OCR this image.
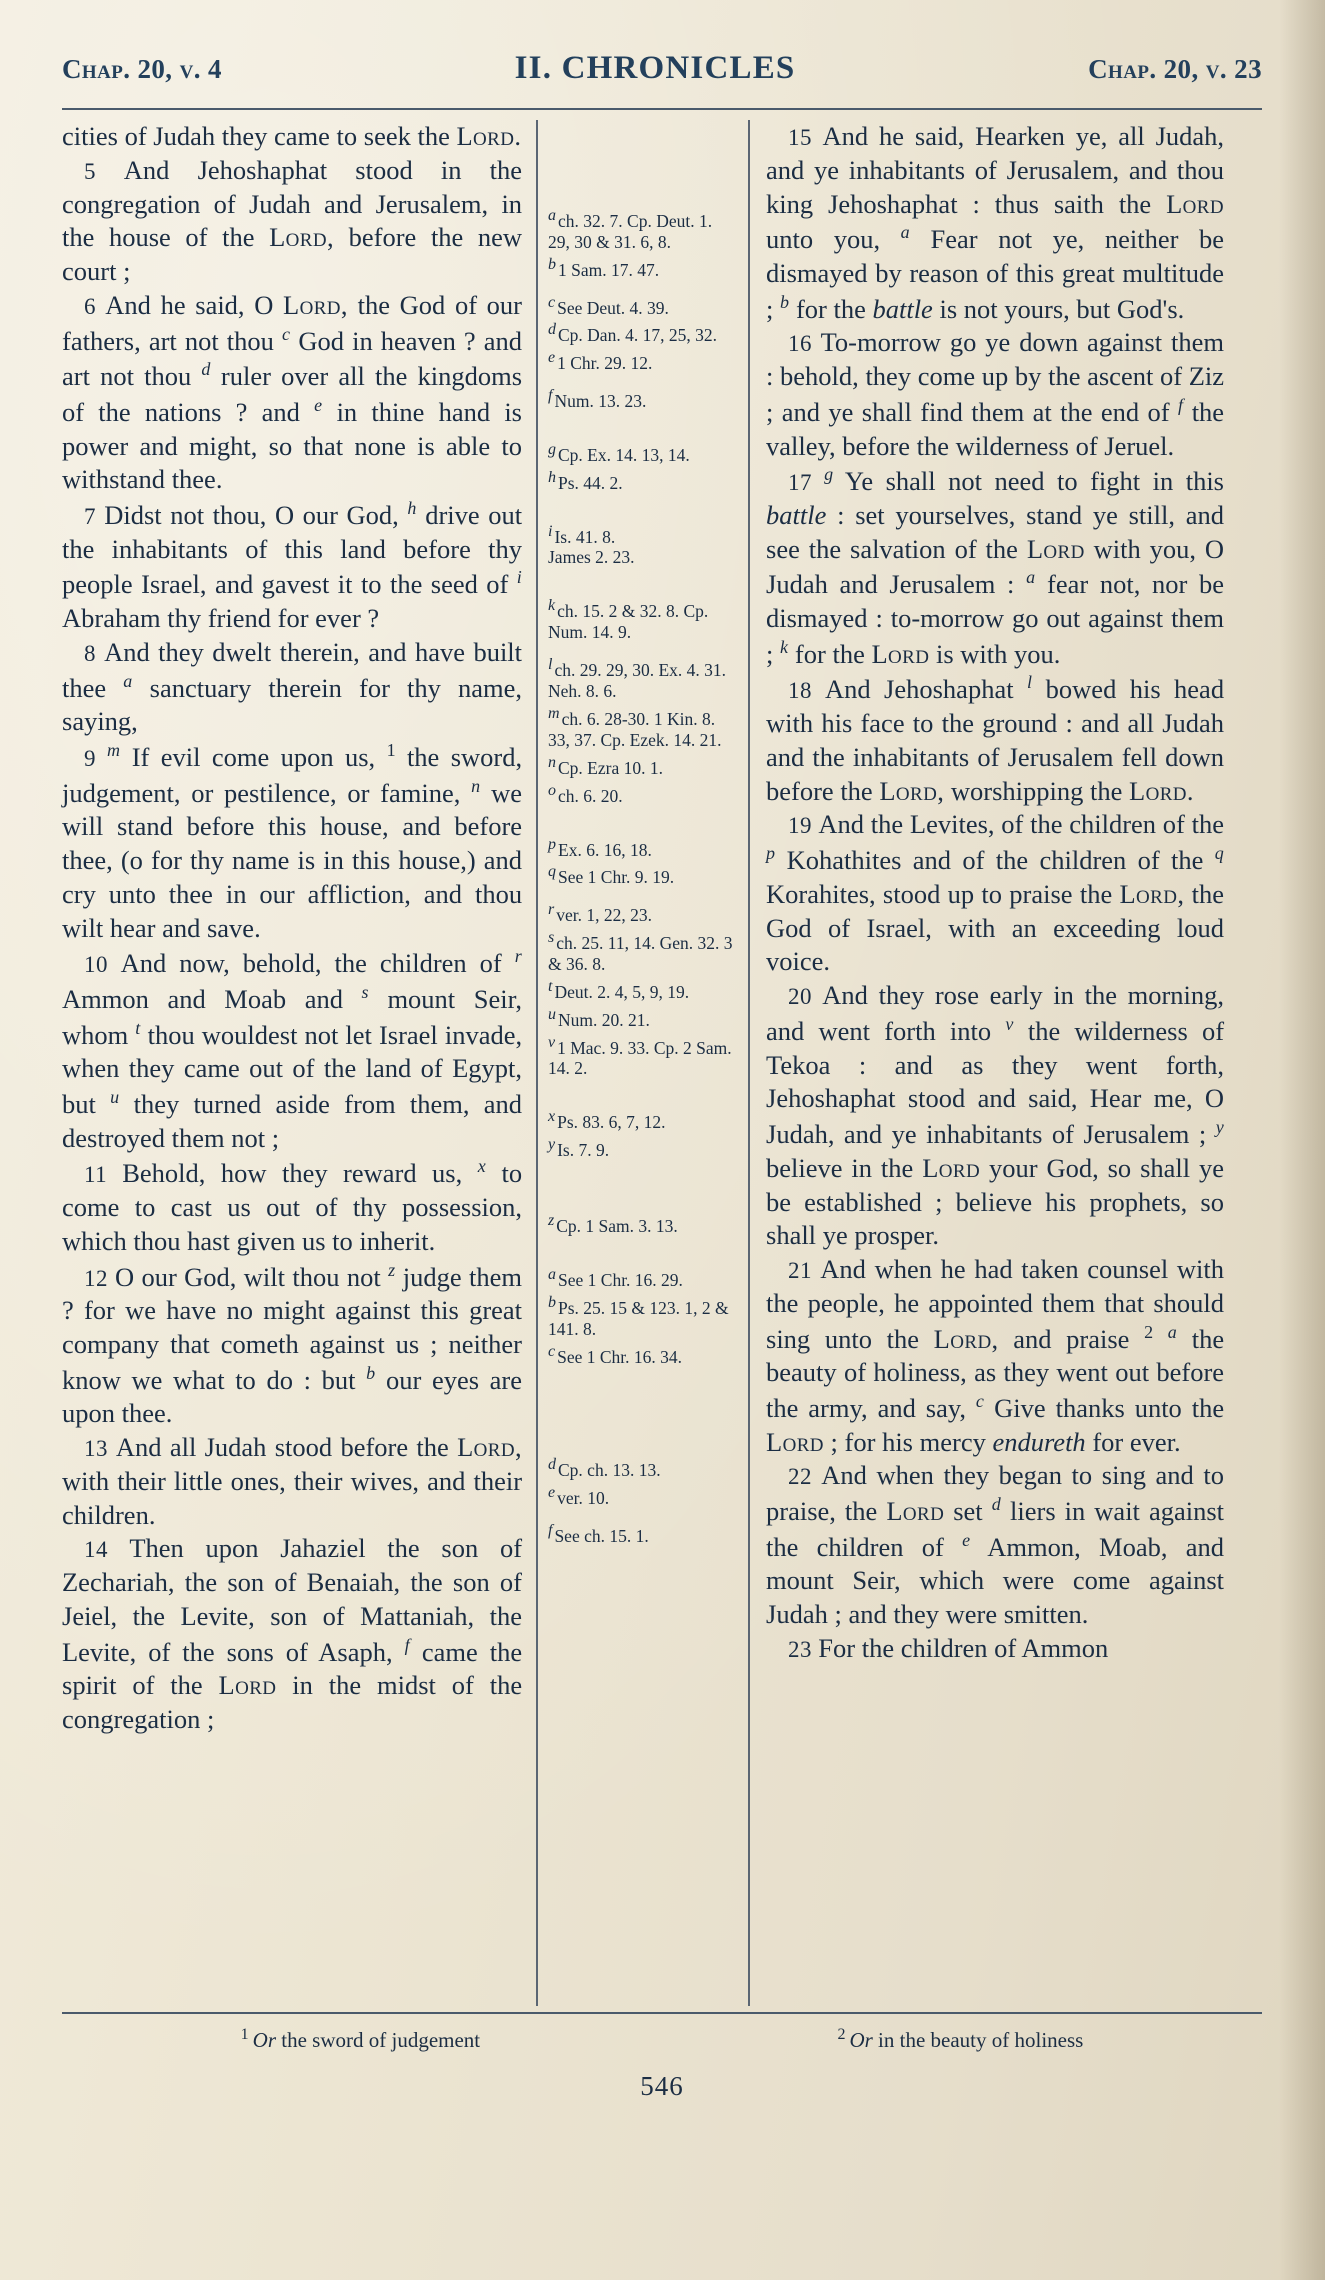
Chap. 20, v. 4	II. CHRONICLES	Chap. 20, v. 23

cities of Judah they came to seek the Lord.

5 And Jehoshaphat stood in the congregation of Judah and Jerusalem, in the house of the Lord, before the new court ;

6 And he said, O Lord, the God of our fathers, art not thou $^c$ God in heaven ? and art not thou $^d$ ruler over all the kingdoms of the nations ? and $^e$ in thine hand is power and might, so that none is able to withstand thee.

7 Didst not thou, O our God, $^h$ drive out the inhabitants of this land before thy people Israel, and gavest it to the seed of $^i$ Abraham thy friend for ever ?

8 And they dwelt therein, and have built thee $^a$ sanctuary therein for thy name, saying,

9 $^m$ If evil come upon us, $^1$ the sword, judgement, or pestilence, or famine, $^n$ we will stand before this house, and before thee, (o for thy name is in this house,) and cry unto thee in our affliction, and thou wilt hear and save.

10 And now, behold, the children of $^r$ Ammon and Moab and $^s$ mount Seir, whom $^t$ thou wouldest not let Israel invade, when they came out of the land of Egypt, but $^u$ they turned aside from them, and destroyed them not ;

11 Behold, how they reward us, $^x$ to come to cast us out of thy possession, which thou hast given us to inherit.

12 O our God, wilt thou not $^z$ judge them ? for we have no might against this great company that cometh against us ; neither know we what to do : but $^b$ our eyes are upon thee.

13 And all Judah stood before the Lord, with their little ones, their wives, and their children.

14 Then upon Jahaziel the son of Zechariah, the son of Benaiah, the son of Jeiel, the Levite, son of Mattaniah, the Levite, of the sons of Asaph, $^f$ came the spirit of the Lord in the midst of the congregation ;

a ch. 32. 7. Cp. Deut. 1. 29, 30 & 31. 6, 8.
b 1 Sam. 17. 47.
c See Deut. 4. 39.
d Cp. Dan. 4. 17, 25, 32.
e 1 Chr. 29. 12.
f Num. 13. 23.
g Cp. Ex. 14. 13, 14.
h Ps. 44. 2.
i Is. 41. 8.
James 2. 23.
k ch. 15. 2 & 32. 8. Cp. Num. 14. 9.
l ch. 29. 29, 30. Ex. 4. 31. Neh. 8. 6.
m ch. 6. 28-30. 1 Kin. 8. 33, 37. Cp. Ezek. 14. 21.
n Cp. Ezra 10. 1.
o ch. 6. 20.
p Ex. 6. 16, 18.
q See 1 Chr. 9. 19.
r ver. 1, 22, 23.
s ch. 25. 11, 14. Gen. 32. 3 & 36. 8.
t Deut. 2. 4, 5, 9, 19.
u Num. 20. 21.
v 1 Mac. 9. 33. Cp. 2 Sam. 14. 2.
x Ps. 83. 6, 7, 12.
y Is. 7. 9.
z Cp. 1 Sam. 3. 13.
a See 1 Chr. 16. 29.
b Ps. 25. 15 & 123. 1, 2 & 141. 8.
c See 1 Chr. 16. 34.
d Cp. ch. 13. 13.
e ver. 10.
f See ch. 15. 1.

15 And he said, Hearken ye, all Judah, and ye inhabitants of Jerusalem, and thou king Jehoshaphat : thus saith the Lord unto you, $^a$ Fear not ye, neither be dismayed by reason of this great multitude ; $^b$ for the battle is not yours, but God's.

16 To-morrow go ye down against them : behold, they come up by the ascent of Ziz ; and ye shall find them at the end of $^f$ the valley, before the wilderness of Jeruel.

17 $^g$ Ye shall not need to fight in this battle : set yourselves, stand ye still, and see the salvation of the Lord with you, O Judah and Jerusalem : $^a$ fear not, nor be dismayed : to-morrow go out against them ; $^k$ for the Lord is with you.

18 And Jehoshaphat $^l$ bowed his head with his face to the ground : and all Judah and the inhabitants of Jerusalem fell down before the Lord, worshipping the Lord.

19 And the Levites, of the children of the $^p$ Kohathites and of the children of the $^q$ Korahites, stood up to praise the Lord, the God of Israel, with an exceeding loud voice.

20 And they rose early in the morning, and went forth into $^v$ the wilderness of Tekoa : and as they went forth, Jehoshaphat stood and said, Hear me, O Judah, and ye inhabitants of Jerusalem ; $^y$ believe in the Lord your God, so shall ye be established ; believe his prophets, so shall ye prosper.

21 And when he had taken counsel with the people, he appointed them that should sing unto the Lord, and praise $^2$ $^a$ the beauty of holiness, as they went out before the army, and say, $^c$ Give thanks unto the Lord ; for his mercy endureth for ever.

22 And when they began to sing and to praise, the Lord set $^d$ liers in wait against the children of $^e$ Ammon, Moab, and mount Seir, which were come against Judah ; and they were smitten.

23 For the children of Ammon

$^1$ Or the sword of judgement	$^2$ Or in the beauty of holiness
546
